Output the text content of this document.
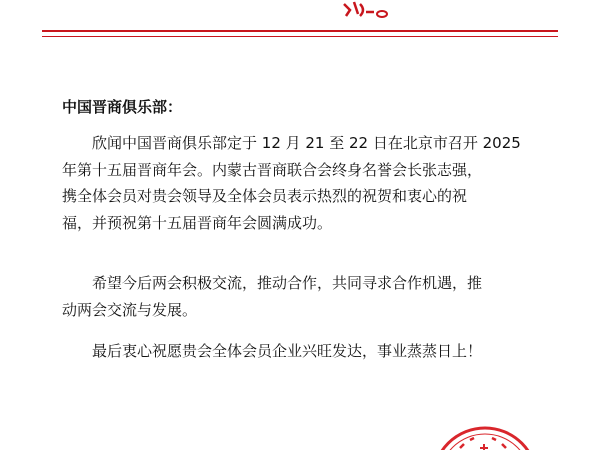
中国晋商俱乐部：
欣闻中国晋商俱乐部定于 12 月 21 至 22 日在北京市召开 2025
年第十五届晋商年会。内蒙古晋商联合会终身名誉会长张志强，
携全体会员对贵会领导及全体会员表示热烈的祝贺和衷心的祝
福，并预祝第十五届晋商年会圆满成功。
希望今后两会积极交流，推动合作，共同寻求合作机遇，推
动两会交流与发展。
最后衷心祝愿贵会全体会员企业兴旺发达，事业蒸蒸日上！
